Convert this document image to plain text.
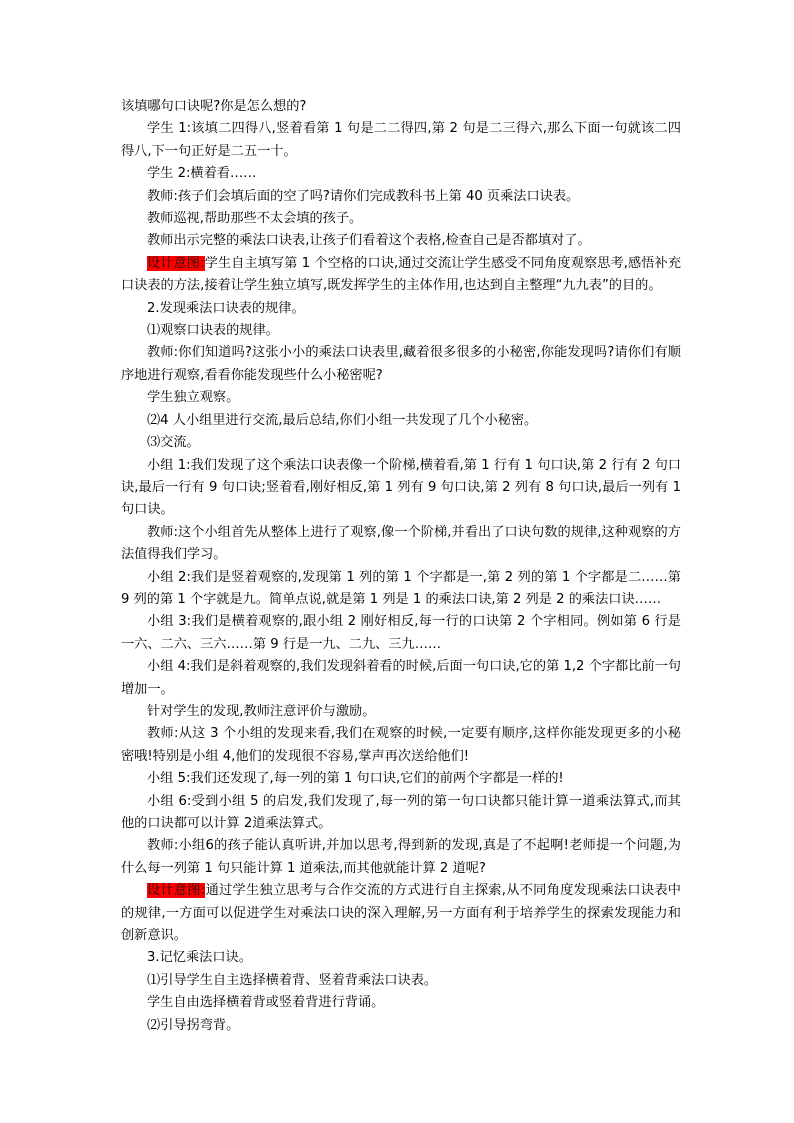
该填哪句口诀呢?你是怎么想的?

学生 1:该填二四得八,竖着看第 1 句是二二得四,第 2 句是二三得六,那么下面一句就该二四得八,下一句正好是二五一十。

学生 2:横着看……

教师:孩子们会填后面的空了吗?请你们完成教科书上第 40 页乘法口诀表。

教师巡视,帮助那些不太会填的孩子。

教师出示完整的乘法口诀表,让孩子们看着这个表格,检查自己是否都填对了。

设计意图:学生自主填写第 1 个空格的口诀,通过交流让学生感受不同角度观察思考,感悟补充口诀表的方法,接着让学生独立填写,既发挥学生的主体作用,也达到自主整理“九九表”的目的。

2.发现乘法口诀表的规律。

⑴观察口诀表的规律。

教师:你们知道吗?这张小小的乘法口诀表里,藏着很多很多的小秘密,你能发现吗?请你们有顺序地进行观察,看看你能发现些什么小秘密呢?

学生独立观察。

⑵4 人小组里进行交流,最后总结,你们小组一共发现了几个小秘密。

⑶交流。

小组 1:我们发现了这个乘法口诀表像一个阶梯,横着看,第 1 行有 1 句口诀,第 2 行有 2 句口诀,最后一行有 9 句口诀;竖着看,刚好相反,第 1 列有 9 句口诀,第 2 列有 8 句口诀,最后一列有 1 句口诀。

教师:这个小组首先从整体上进行了观察,像一个阶梯,并看出了口诀句数的规律,这种观察的方法值得我们学习。

小组 2:我们是竖着观察的,发现第 1 列的第 1 个字都是一,第 2 列的第 1 个字都是二……第 9 列的第 1 个字就是九。简单点说,就是第 1 列是 1 的乘法口诀,第 2 列是 2 的乘法口诀……

小组 3:我们是横着观察的,跟小组 2 刚好相反,每一行的口诀第 2 个字相同。例如第 6 行是一六、二六、三六……第 9 行是一九、二九、三九……

小组 4:我们是斜着观察的,我们发现斜着看的时候,后面一句口诀,它的第 1,2 个字都比前一句增加一。

针对学生的发现,教师注意评价与激励。

教师:从这 3 个小组的发现来看,我们在观察的时候,一定要有顺序,这样你能发现更多的小秘密哦!特别是小组 4,他们的发现很不容易,掌声再次送给他们!

小组 5:我们还发现了,每一列的第 1 句口诀,它们的前两个字都是一样的!

小组 6:受到小组 5 的启发,我们发现了,每一列的第一句口诀都只能计算一道乘法算式,而其他的口诀都可以计算 2道乘法算式。

教师:小组6的孩子能认真听讲,并加以思考,得到新的发现,真是了不起啊!老师提一个问题,为什么每一列第 1 句只能计算 1 道乘法,而其他就能计算 2 道呢?

设计意图:通过学生独立思考与合作交流的方式进行自主探索,从不同角度发现乘法口诀表中的规律,一方面可以促进学生对乘法口诀的深入理解,另一方面有利于培养学生的探索发现能力和创新意识。

3.记忆乘法口诀。

⑴引导学生自主选择横着背、竖着背乘法口诀表。

学生自由选择横着背或竖着背进行背诵。

⑵引导拐弯背。
